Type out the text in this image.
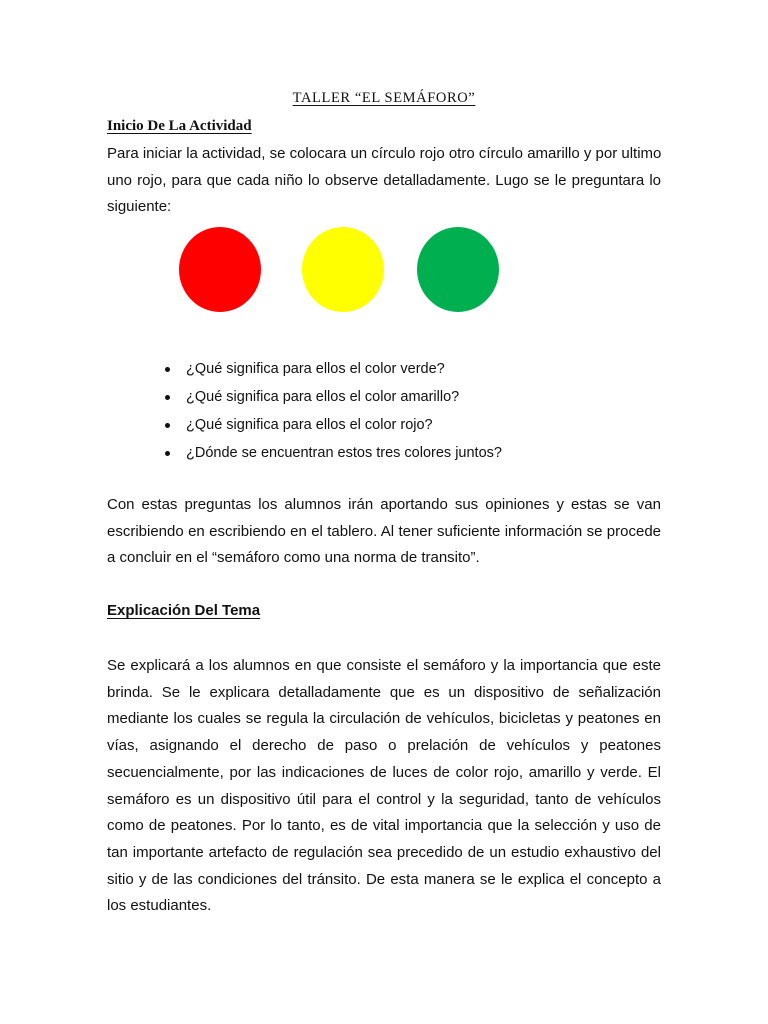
TALLER “EL SEMÁFORO”
Inicio De La Actividad
Para iniciar la actividad, se colocara un círculo rojo otro círculo amarillo y por ultimo
uno rojo, para que cada niño lo observe detalladamente. Lugo se le preguntara lo
siguiente:
¿Qué significa para ellos el color verde?
¿Qué significa para ellos el color amarillo?
¿Qué significa para ellos el color rojo?
¿Dónde se encuentran estos tres colores juntos?
Con estas preguntas los alumnos irán aportando sus opiniones y estas se van
escribiendo en escribiendo en el tablero. Al tener suficiente información se procede
a concluir en el “semáforo como una norma de transito”.
Explicación Del Tema
Se explicará a los alumnos en que consiste el semáforo y la importancia que este
brinda. Se le explicara detalladamente que es un dispositivo de señalización
mediante los cuales se regula la circulación de vehículos, bicicletas y peatones en
vías, asignando el derecho de paso o prelación de vehículos y peatones
secuencialmente, por las indicaciones de luces de color rojo, amarillo y verde. El
semáforo es un dispositivo útil para el control y la seguridad, tanto de vehículos
como de peatones. Por lo tanto, es de vital importancia que la selección y uso de
tan importante artefacto de regulación sea precedido de un estudio exhaustivo del
sitio y de las condiciones del tránsito. De esta manera se le explica el concepto a
los estudiantes.
